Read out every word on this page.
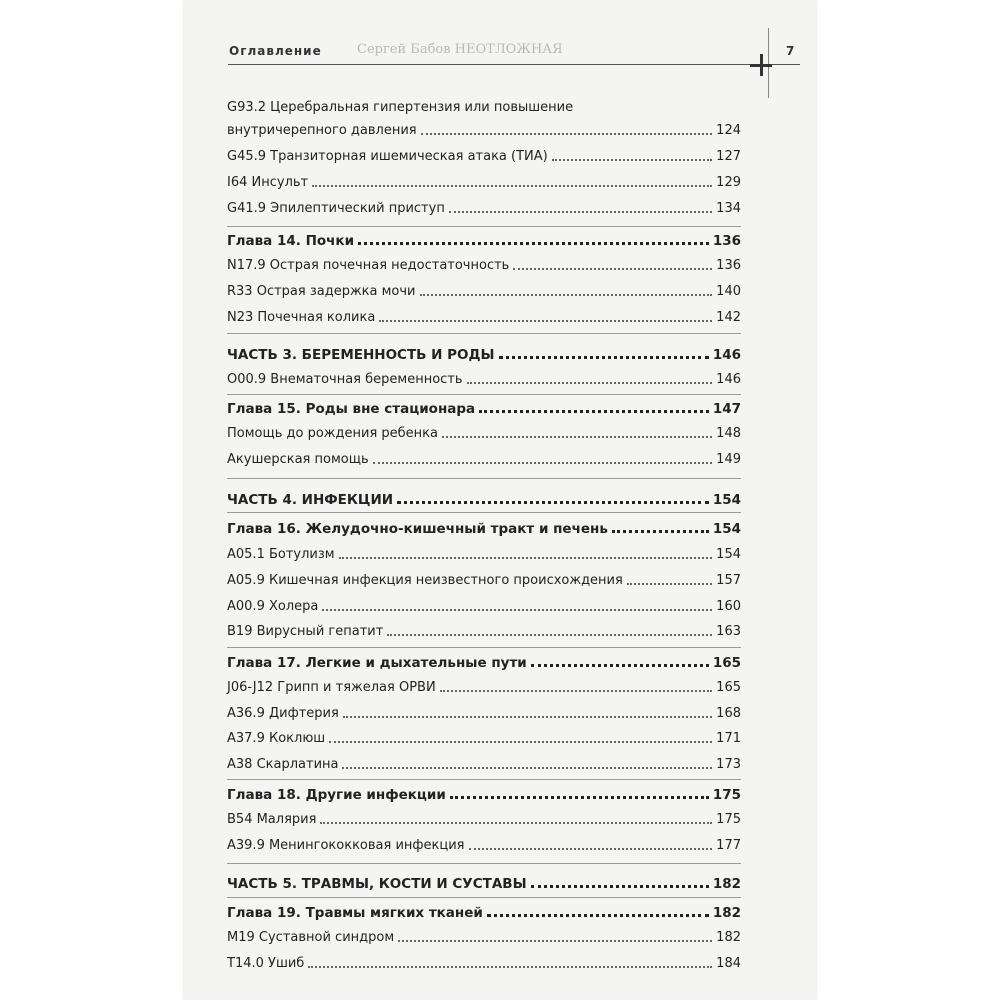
Оглавление	Сергей Бабов НЕОТЛОЖНАЯ	7
G93.2 Церебральная гипертензия или повышение
внутричерепного давления	124
G45.9 Транзиторная ишемическая атака (ТИА)	127
I64 Инсульт	129
G41.9 Эпилептический приступ	134
Глава 14. Почки	136
N17.9 Острая почечная недостаточность	136
R33 Острая задержка мочи	140
N23 Почечная колика	142
ЧАСТЬ 3. БЕРЕМЕННОСТЬ И РОДЫ	146
O00.9 Внематочная беременность	146
Глава 15. Роды вне стационара	147
Помощь до рождения ребенка	148
Акушерская помощь	149
ЧАСТЬ 4. ИНФЕКЦИИ	154
Глава 16. Желудочно-кишечный тракт и печень	154
A05.1 Ботулизм	154
A05.9 Кишечная инфекция неизвестного происхождения	157
A00.9 Холера	160
B19 Вирусный гепатит	163
Глава 17. Легкие и дыхательные пути	165
J06-J12 Грипп и тяжелая ОРВИ	165
A36.9 Дифтерия	168
A37.9 Коклюш	171
A38 Скарлатина	173
Глава 18. Другие инфекции	175
B54 Малярия	175
A39.9 Менингококковая инфекция	177
ЧАСТЬ 5. ТРАВМЫ, КОСТИ И СУСТАВЫ	182
Глава 19. Травмы мягких тканей	182
M19 Суставной синдром	182
T14.0 Ушиб	184
